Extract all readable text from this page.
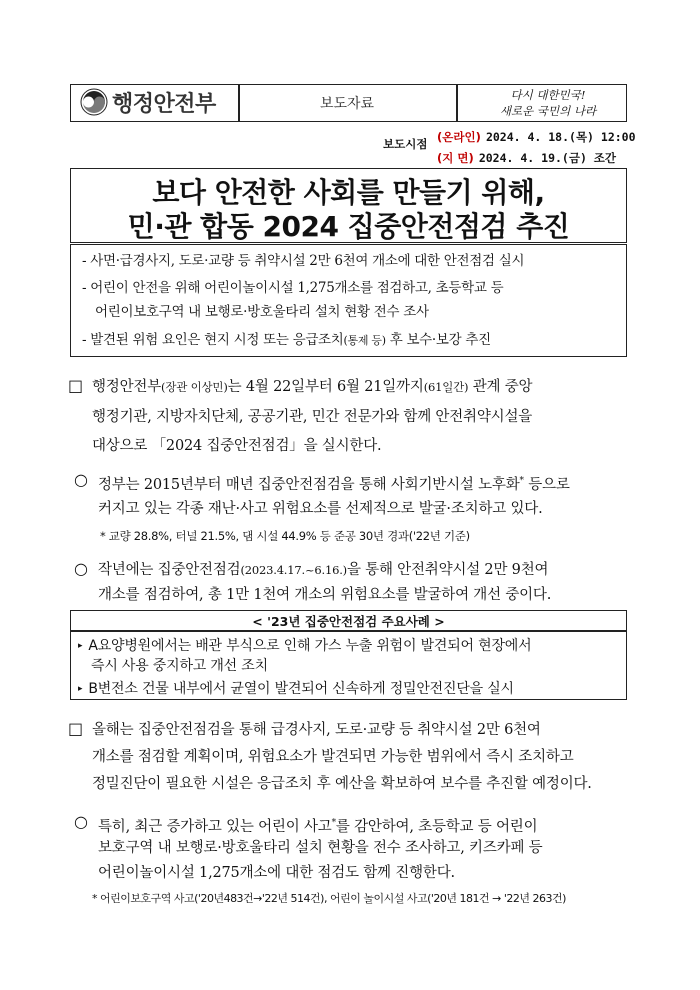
행정안전부	보도자료
다시 대한민국!
새로운 국민의 나라
보도시점 (온라인) 2024. 4. 18.(목) 12:00
(지 면) 2024. 4. 19.(금) 조간
보다 안전한 사회를 만들기 위해,
민·관 합동 2024 집중안전점검 추진
- 사면·급경사지, 도로·교량 등 취약시설 2만 6천여 개소에 대한 안전점검 실시
- 어린이 안전을 위해 어린이놀이시설 1,275개소를 점검하고, 초등학교 등
어린이보호구역 내 보행로·방호울타리 설치 현황 전수 조사
- 발견된 위험 요인은 현지 시정 또는 응급조치(통제 등) 후 보수·보강 추진
□ 행정안전부(장관 이상민)는 4월 22일부터 6월 21일까지(61일간) 관계 중앙
행정기관, 지방자치단체, 공공기관, 민간 전문가와 함께 안전취약시설을
대상으로 「2024 집중안전점검」을 실시한다.
○ 정부는 2015년부터 매년 집중안전점검을 통해 사회기반시설 노후화* 등으로
커지고 있는 각종 재난·사고 위험요소를 선제적으로 발굴·조치하고 있다.
* 교량 28.8%, 터널 21.5%, 댐 시설 44.9% 등 준공 30년 경과('22년 기준)
○ 작년에는 집중안전점검(2023.4.17.~6.16.)을 통해 안전취약시설 2만 9천여
개소를 점검하여, 총 1만 1천여 개소의 위험요소를 발굴하여 개선 중이다.
< '23년 집중안전점검 주요사례 >
▸ A요양병원에서는 배관 부식으로 인해 가스 누출 위험이 발견되어 현장에서
즉시 사용 중지하고 개선 조치
▸ B변전소 건물 내부에서 균열이 발견되어 신속하게 정밀안전진단을 실시
□ 올해는 집중안전점검을 통해 급경사지, 도로·교량 등 취약시설 2만 6천여
개소를 점검할 계획이며, 위험요소가 발견되면 가능한 범위에서 즉시 조치하고
정밀진단이 필요한 시설은 응급조치 후 예산을 확보하여 보수를 추진할 예정이다.
○ 특히, 최근 증가하고 있는 어린이 사고*를 감안하여, 초등학교 등 어린이
보호구역 내 보행로·방호울타리 설치 현황을 전수 조사하고, 키즈카페 등
어린이놀이시설 1,275개소에 대한 점검도 함께 진행한다.
* 어린이보호구역 사고('20년483건→'22년 514건), 어린이 놀이시설 사고('20년 181건 → '22년 263건)
